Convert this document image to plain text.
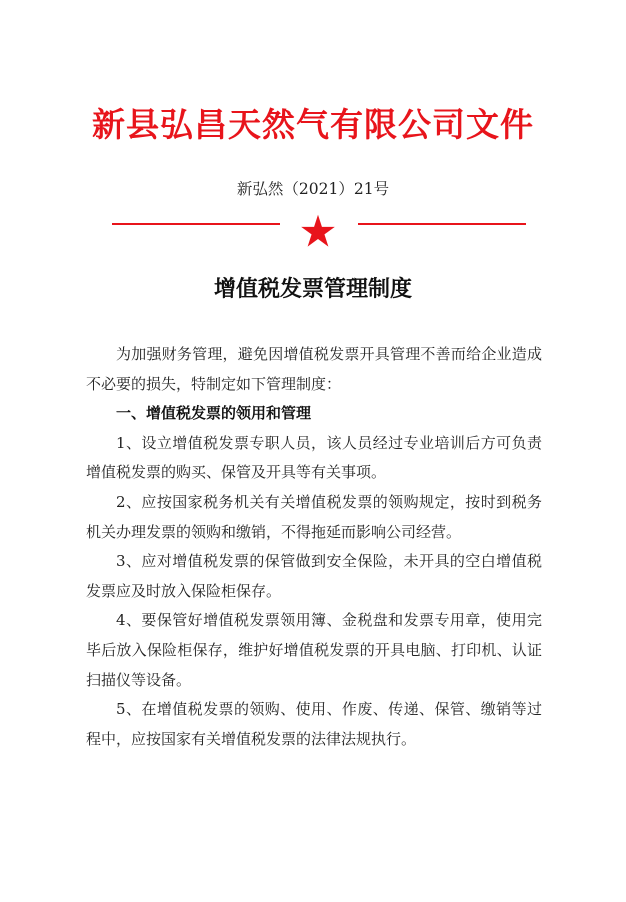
新县弘昌天然气有限公司文件
新弘然（2021）21号
增值税发票管理制度

为加强财务管理，避免因增值税发票开具管理不善而给企业造成不必要的损失，特制定如下管理制度：

一、增值税发票的领用和管理

1、设立增值税发票专职人员，该人员经过专业培训后方可负责增值税发票的购买、保管及开具等有关事项。

2、应按国家税务机关有关增值税发票的领购规定，按时到税务机关办理发票的领购和缴销，不得拖延而影响公司经营。

3、应对增值税发票的保管做到安全保险，未开具的空白增值税发票应及时放入保险柜保存。

4、要保管好增值税发票领用簿、金税盘和发票专用章，使用完毕后放入保险柜保存，维护好增值税发票的开具电脑、打印机、认证扫描仪等设备。

5、在增值税发票的领购、使用、作废、传递、保管、缴销等过程中，应按国家有关增值税发票的法律法规执行。
